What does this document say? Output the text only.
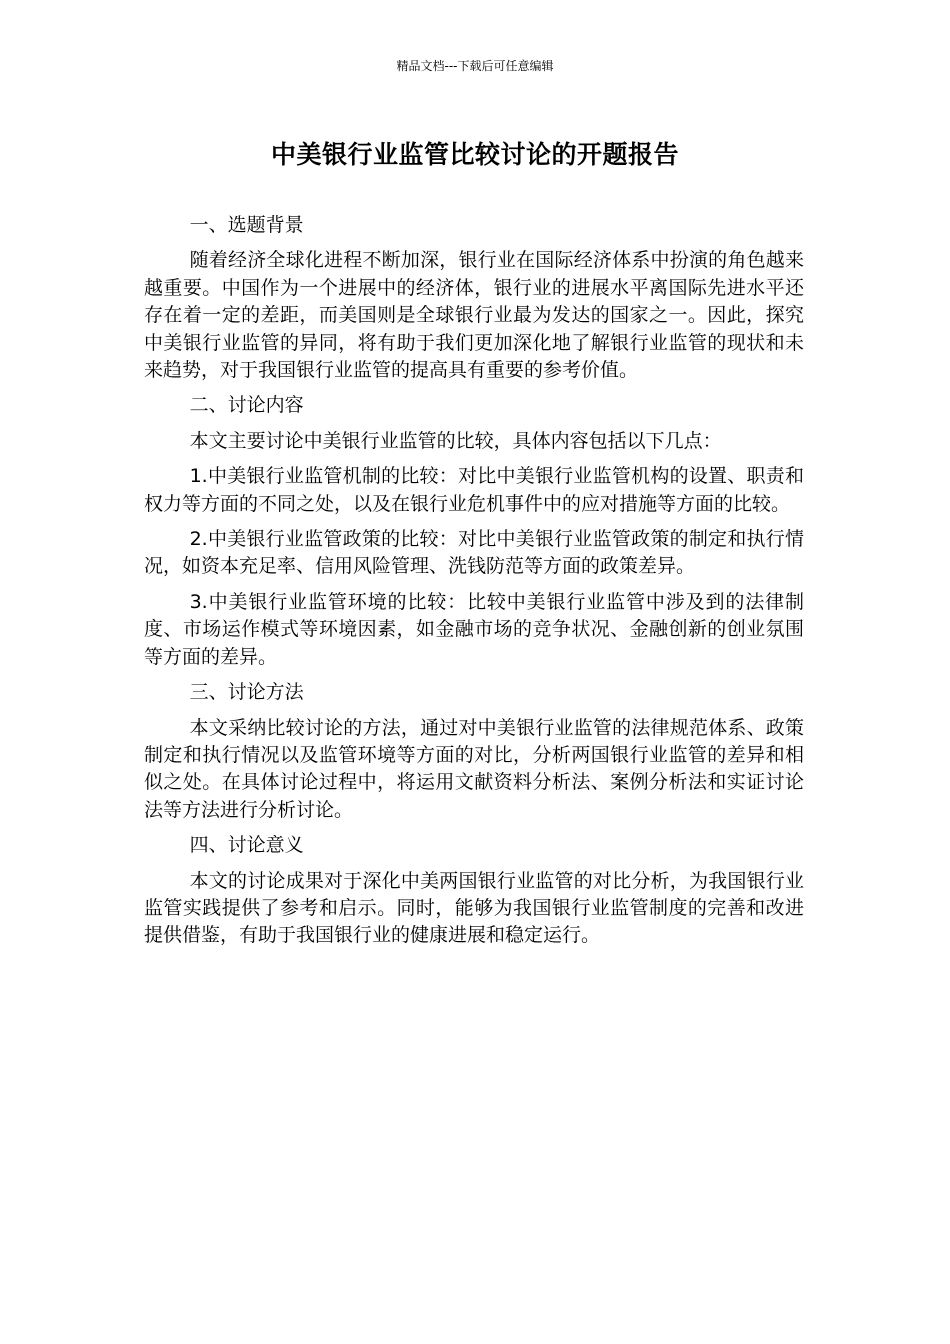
精品文档---下载后可任意编辑
中美银行业监管比较讨论的开题报告

一、选题背景

随着经济全球化进程不断加深，银行业在国际经济体系中扮演的角色越来越重要。中国作为一个进展中的经济体，银行业的进展水平离国际先进水平还存在着一定的差距，而美国则是全球银行业最为发达的国家之一。因此，探究中美银行业监管的异同，将有助于我们更加深化地了解银行业监管的现状和未来趋势，对于我国银行业监管的提高具有重要的参考价值。

二、讨论内容

本文主要讨论中美银行业监管的比较，具体内容包括以下几点：

1.中美银行业监管机制的比较：对比中美银行业监管机构的设置、职责和权力等方面的不同之处，以及在银行业危机事件中的应对措施等方面的比较。

2.中美银行业监管政策的比较：对比中美银行业监管政策的制定和执行情况，如资本充足率、信用风险管理、洗钱防范等方面的政策差异。

3.中美银行业监管环境的比较：比较中美银行业监管中涉及到的法律制度、市场运作模式等环境因素，如金融市场的竞争状况、金融创新的创业氛围等方面的差异。

三、讨论方法

本文采纳比较讨论的方法，通过对中美银行业监管的法律规范体系、政策制定和执行情况以及监管环境等方面的对比，分析两国银行业监管的差异和相似之处。在具体讨论过程中，将运用文献资料分析法、案例分析法和实证讨论法等方法进行分析讨论。

四、讨论意义

本文的讨论成果对于深化中美两国银行业监管的对比分析，为我国银行业监管实践提供了参考和启示。同时，能够为我国银行业监管制度的完善和改进提供借鉴，有助于我国银行业的健康进展和稳定运行。
